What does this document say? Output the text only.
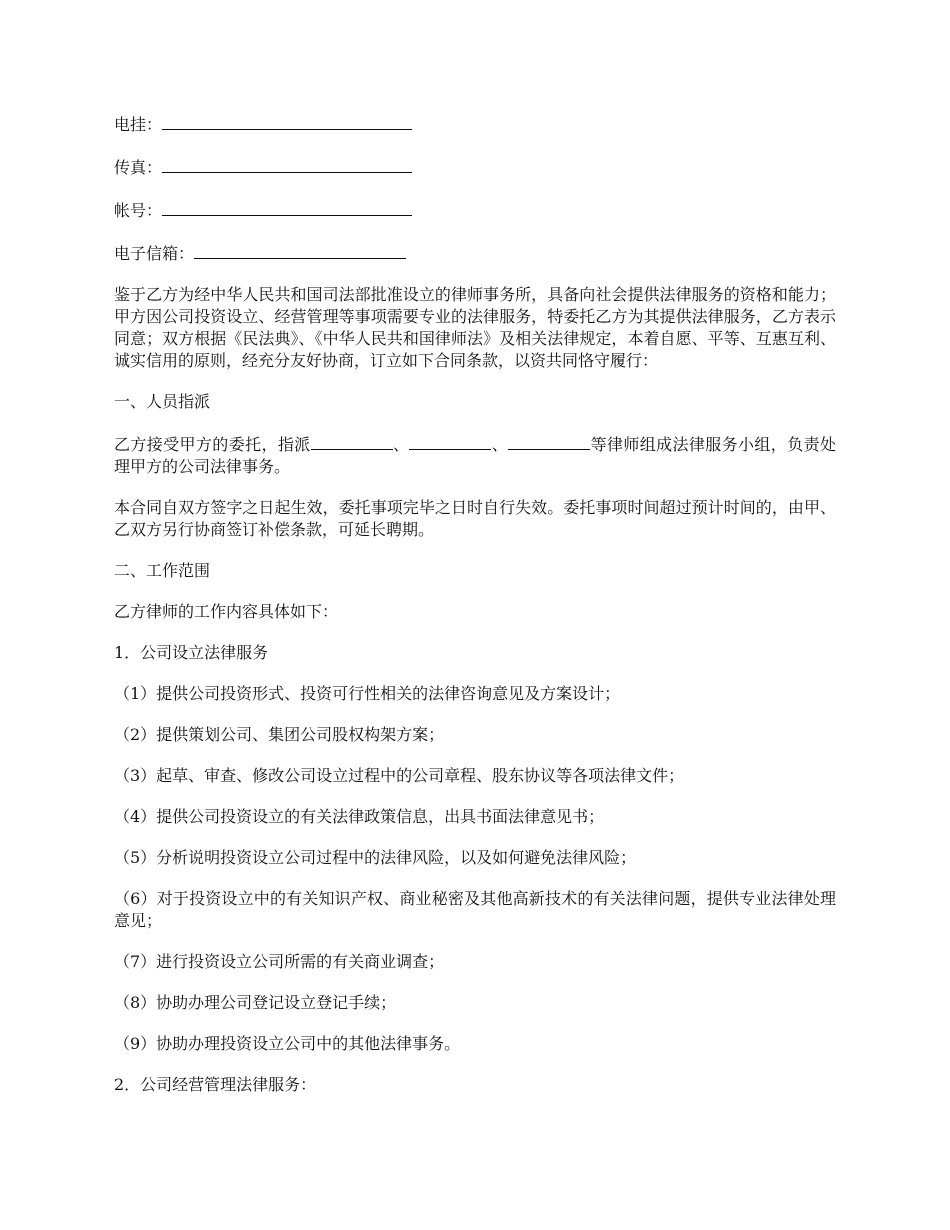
电挂：
传真：
帐号：
电子信箱：

鉴于乙方为经中华人民共和国司法部批准设立的律师事务所，具备向社会提供法律服务的资格和能力；甲方因公司投资设立、经营管理等事项需要专业的法律服务，特委托乙方为其提供法律服务，乙方表示同意；双方根据《民法典》、《中华人民共和国律师法》及相关法律规定，本着自愿、平等、互惠互利、诚实信用的原则，经充分友好协商，订立如下合同条款，以资共同恪守履行：

一、人员指派

乙方接受甲方的委托，指派	、	、	等律师组成法律服务小组，负责处理甲方的公司法律事务。

本合同自双方签字之日起生效，委托事项完毕之日时自行失效。委托事项时间超过预计时间的，由甲、乙双方另行协商签订补偿条款，可延长聘期。

二、工作范围
乙方律师的工作内容具体如下：
1．公司设立法律服务
（1）提供公司投资形式、投资可行性相关的法律咨询意见及方案设计；
（2）提供策划公司、集团公司股权构架方案；
（3）起草、审查、修改公司设立过程中的公司章程、股东协议等各项法律文件；
（4）提供公司投资设立的有关法律政策信息，出具书面法律意见书；
（5）分析说明投资设立公司过程中的法律风险，以及如何避免法律风险；
（6）对于投资设立中的有关知识产权、商业秘密及其他高新技术的有关法律问题，提供专业法律处理意见；
（7）进行投资设立公司所需的有关商业调查；
（8）协助办理公司登记设立登记手续；
（9）协助办理投资设立公司中的其他法律事务。
2．公司经营管理法律服务：
